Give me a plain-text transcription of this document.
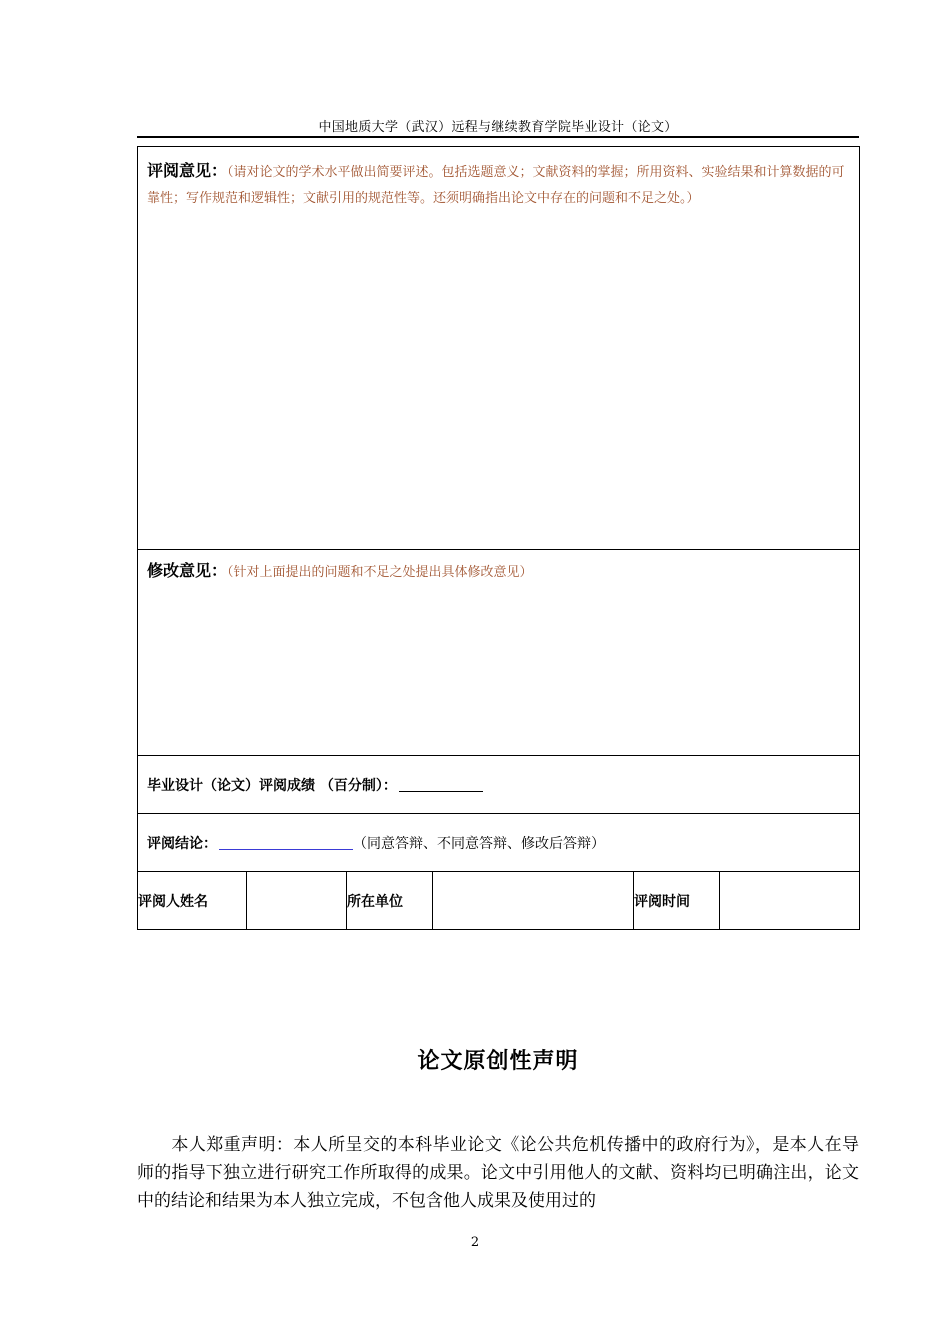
中国地质大学（武汉）远程与继续教育学院毕业设计（论文）
评阅意见：（请对论文的学术水平做出简要评述。包括选题意义；文献资料的掌握；所用资料、实验结果和计算数据的可靠性；写作规范和逻辑性；文献引用的规范性等。还须明确指出论文中存在的问题和不足之处。）

修改意见：（针对上面提出的问题和不足之处提出具体修改意见）

毕业设计（论文）评阅成绩 （百分制）：

评阅结论：	（同意答辩、不同意答辩、修改后答辩）

评阅人姓名		所在单位		评阅时间	
论文原创性声明
本人郑重声明：本人所呈交的本科毕业论文《论公共危机传播中的政府行为》，是本人在导师的指导下独立进行研究工作所取得的成果。论文中引用他人的文献、资料均已明确注出，论文中的结论和结果为本人独立完成，不包含他人成果及使用过的
2
